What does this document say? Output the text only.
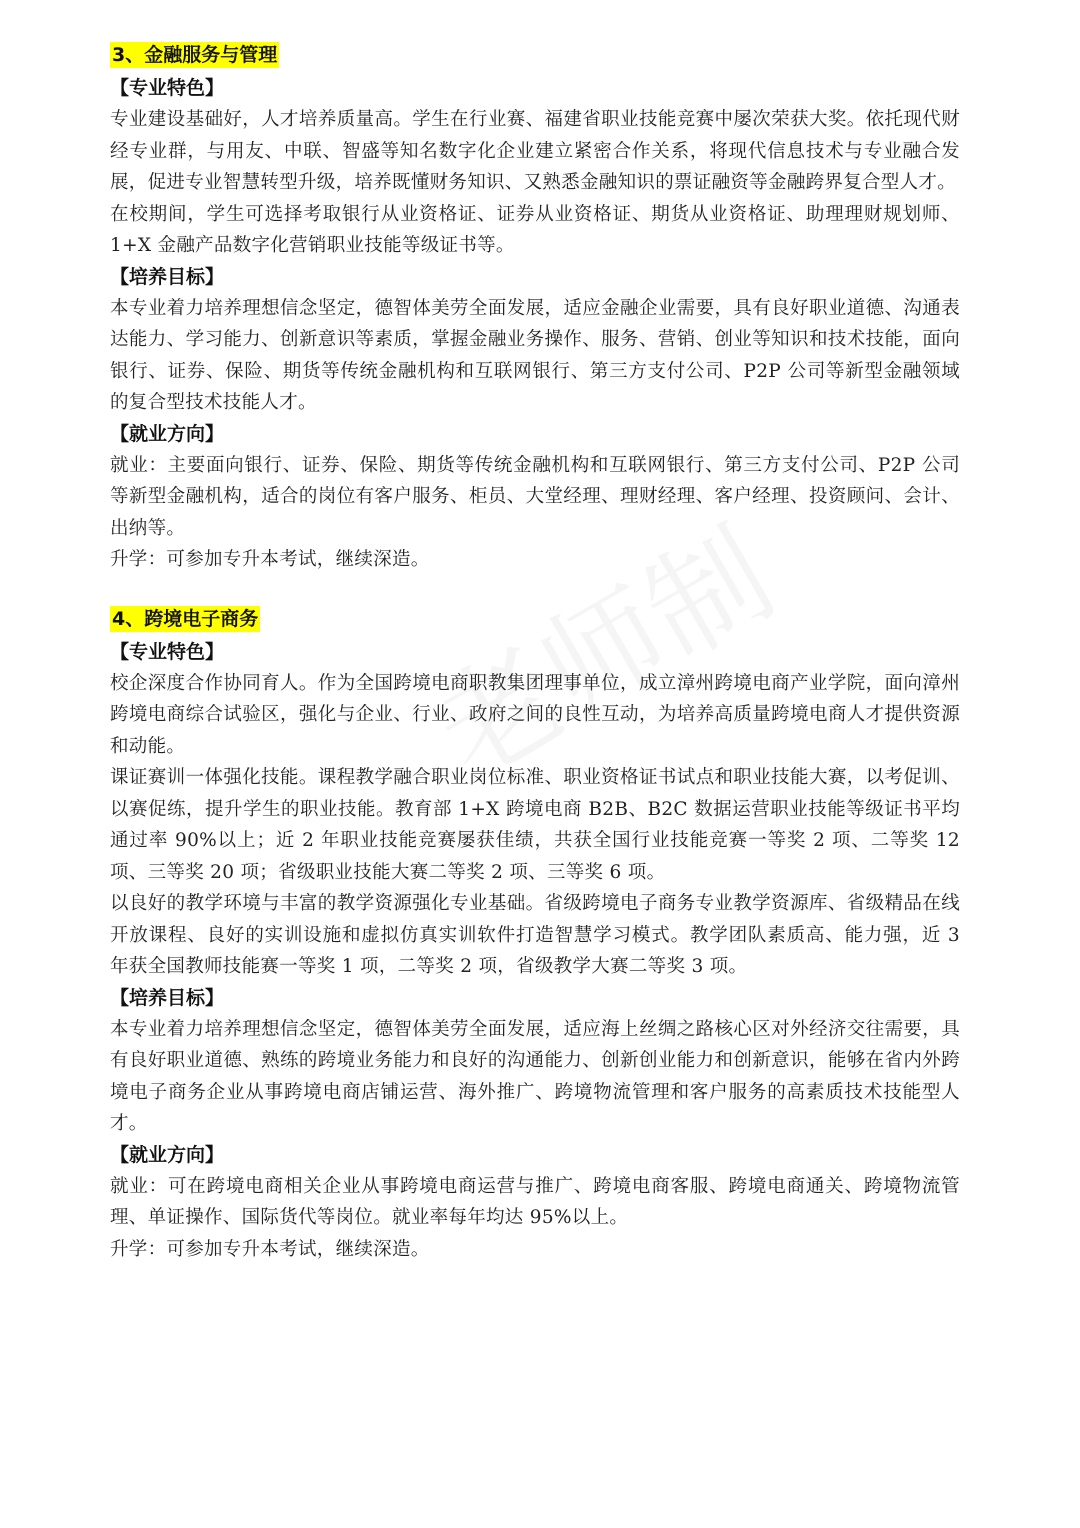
3、金融服务与管理
【专业特色】

专业建设基础好，人才培养质量高。学生在行业赛、福建省职业技能竞赛中屡次荣获大奖。依托现代财经专业群，与用友、中联、智盛等知名数字化企业建立紧密合作关系，将现代信息技术与专业融合发展，促进专业智慧转型升级，培养既懂财务知识、又熟悉金融知识的票证融资等金融跨界复合型人才。

在校期间，学生可选择考取银行从业资格证、证券从业资格证、期货从业资格证、助理理财规划师、1+X 金融产品数字化营销职业技能等级证书等。

【培养目标】

本专业着力培养理想信念坚定，德智体美劳全面发展，适应金融企业需要，具有良好职业道德、沟通表达能力、学习能力、创新意识等素质，掌握金融业务操作、服务、营销、创业等知识和技术技能，面向银行、证券、保险、期货等传统金融机构和互联网银行、第三方支付公司、P2P 公司等新型金融领域的复合型技术技能人才。

【就业方向】

就业：主要面向银行、证券、保险、期货等传统金融机构和互联网银行、第三方支付公司、P2P 公司等新型金融机构，适合的岗位有客户服务、柜员、大堂经理、理财经理、客户经理、投资顾问、会计、出纳等。

升学：可参加专升本考试，继续深造。

4、跨境电子商务
【专业特色】

校企深度合作协同育人。作为全国跨境电商职教集团理事单位，成立漳州跨境电商产业学院，面向漳州跨境电商综合试验区，强化与企业、行业、政府之间的良性互动，为培养高质量跨境电商人才提供资源和动能。

课证赛训一体强化技能。课程教学融合职业岗位标准、职业资格证书试点和职业技能大赛，以考促训、以赛促练，提升学生的职业技能。教育部 1+X 跨境电商 B2B、B2C 数据运营职业技能等级证书平均通过率 90%以上；近 2 年职业技能竞赛屡获佳绩，共获全国行业技能竞赛一等奖 2 项、二等奖 12 项、三等奖 20 项；省级职业技能大赛二等奖 2 项、三等奖 6 项。

以良好的教学环境与丰富的教学资源强化专业基础。省级跨境电子商务专业教学资源库、省级精品在线开放课程、良好的实训设施和虚拟仿真实训软件打造智慧学习模式。教学团队素质高、能力强，近 3 年获全国教师技能赛一等奖 1 项，二等奖 2 项，省级教学大赛二等奖 3 项。

【培养目标】

本专业着力培养理想信念坚定，德智体美劳全面发展，适应海上丝绸之路核心区对外经济交往需要，具有良好职业道德、熟练的跨境业务能力和良好的沟通能力、创新创业能力和创新意识，能够在省内外跨境电子商务企业从事跨境电商店铺运营、海外推广、跨境物流管理和客户服务的高素质技术技能型人才。

【就业方向】

就业：可在跨境电商相关企业从事跨境电商运营与推广、跨境电商客服、跨境电商通关、跨境物流管理、单证操作、国际货代等岗位。就业率每年均达 95%以上。

升学：可参加专升本考试，继续深造。
